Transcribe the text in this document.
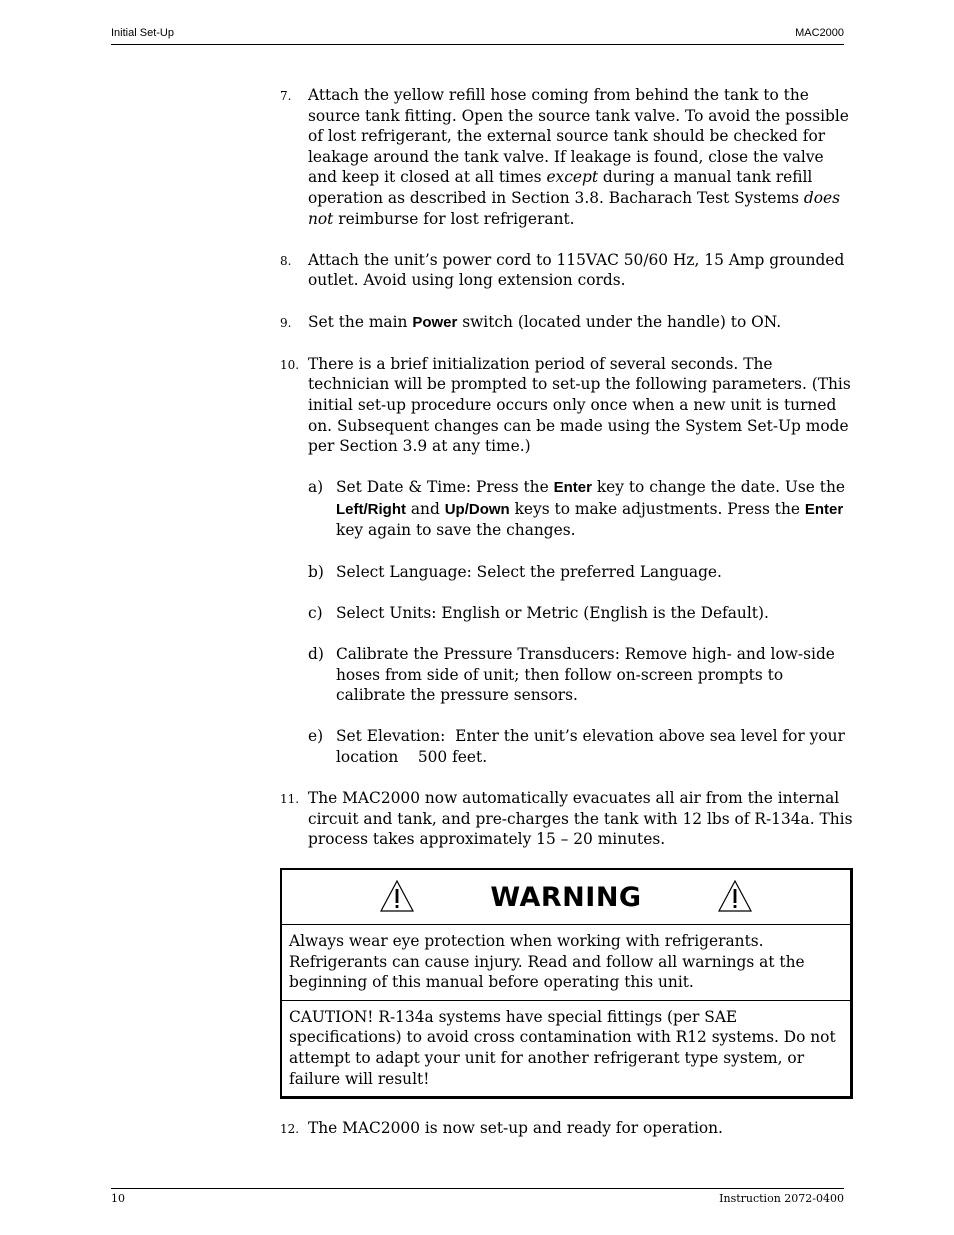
Initial Set-Up	MAC2000
7. Attach the yellow refill hose coming from behind the tank to the source tank fitting. Open the source tank valve. To avoid the possible of lost refrigerant, the external source tank should be checked for leakage around the tank valve. If leakage is found, close the valve and keep it closed at all times except during a manual tank refill operation as described in Section 3.8. Bacharach Test Systems does not reimburse for lost refrigerant.
8. Attach the unit’s power cord to 115VAC 50/60 Hz, 15 Amp grounded outlet. Avoid using long extension cords.
9. Set the main Power switch (located under the handle) to ON.
10. There is a brief initialization period of several seconds. The technician will be prompted to set-up the following parameters. (This initial set-up procedure occurs only once when a new unit is turned on. Subsequent changes can be made using the System Set-Up mode per Section 3.9 at any time.)
a) Set Date & Time: Press the Enter key to change the date. Use the Left/Right and Up/Down keys to make adjustments. Press the Enter key again to save the changes.
b) Select Language: Select the preferred Language.
c) Select Units: English or Metric (English is the Default).
d) Calibrate the Pressure Transducers: Remove high- and low-side hoses from side of unit; then follow on-screen prompts to calibrate the pressure sensors.
e) Set Elevation:  Enter the unit’s elevation above sea level for your location    500 feet.
11. The MAC2000 now automatically evacuates all air from the internal circuit and tank, and pre-charges the tank with 12 lbs of R-134a. This process takes approximately 15 – 20 minutes.
WARNING
Always wear eye protection when working with refrigerants. Refrigerants can cause injury. Read and follow all warnings at the beginning of this manual before operating this unit.
CAUTION! R-134a systems have special fittings (per SAE specifications) to avoid cross contamination with R12 systems. Do not attempt to adapt your unit for another refrigerant type system, or failure will result!
12. The MAC2000 is now set-up and ready for operation.
10	Instruction 2072-0400
